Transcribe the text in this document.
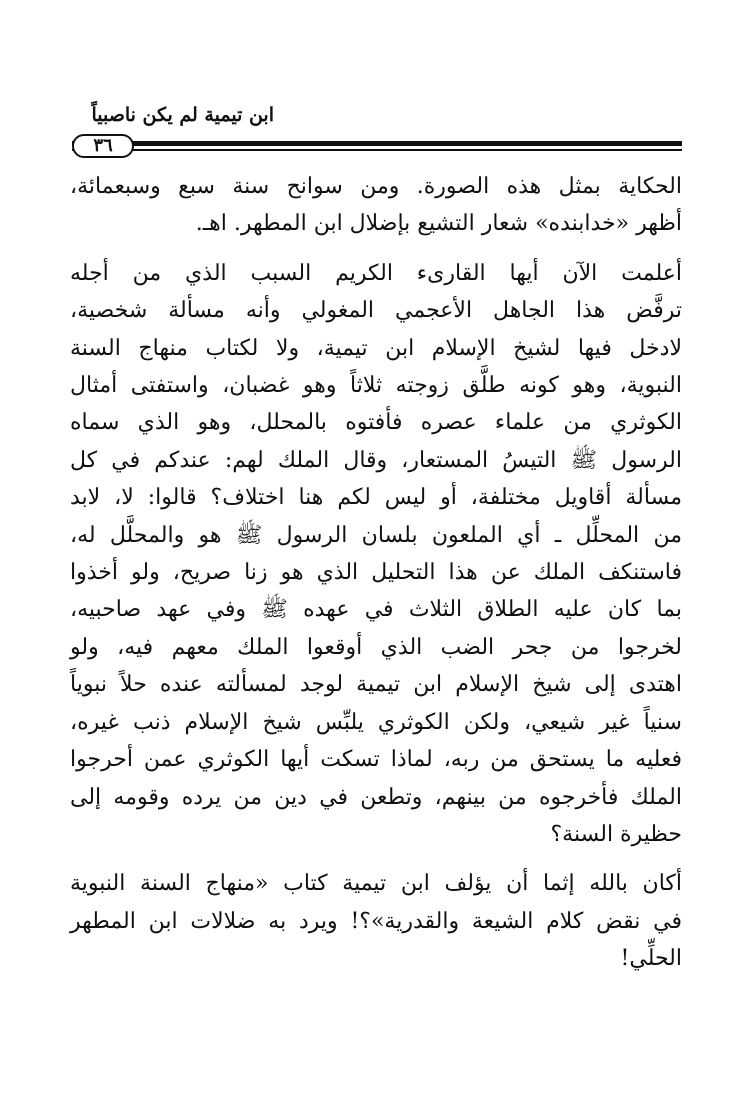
ابن تيمية لم يكن ناصبياً
٣٦

الحكاية بمثل هذه الصورة. ومن سوانح سنة سبع وسبعمائة،
أظهر «خدابنده» شعار التشيع بإضلال ابن المطهر. اهـ.

أعلمت الآن أيها القارىء الكريم السبب الذي من أجله
ترفَّض هذا الجاهل الأعجمي المغولي وأنه مسألة شخصية،
لادخل فيها لشيخ الإسلام ابن تيمية، ولا لكتاب منهاج السنة
النبوية، وهو كونه طلَّق زوجته ثلاثاً وهو غضبان، واستفتى أمثال
الكوثري من علماء عصره فأفتوه بالمحلل، وهو الذي سماه
الرسول ﷺ التيسُ المستعار، وقال الملك لهم: عندكم في كل
مسألة أقاويل مختلفة، أو ليس لكم هنا اختلاف؟ قالوا: لا، لابد
من المحلِّل ـ أي الملعون بلسان الرسول ﷺ هو والمحلَّل له،
فاستنكف الملك عن هذا التحليل الذي هو زنا صريح، ولو أخذوا
بما كان عليه الطلاق الثلاث في عهده ﷺ وفي عهد صاحبيه،
لخرجوا من جحر الضب الذي أوقعوا الملك معهم فيه، ولو
اهتدى إلى شيخ الإسلام ابن تيمية لوجد لمسألته عنده حلاً نبوياً
سنياً غير شيعي، ولكن الكوثري يلبِّس شيخ الإسلام ذنب غيره،
فعليه ما يستحق من ربه، لماذا تسكت أيها الكوثري عمن أحرجوا
الملك فأخرجوه من بينهم، وتطعن في دين من يرده وقومه إلى
حظيرة السنة؟

أكان بالله إثما أن يؤلف ابن تيمية كتاب «منهاج السنة النبوية
في نقض كلام الشيعة والقدرية»؟! ويرد به ضلالات ابن المطهر
الحلِّي!
